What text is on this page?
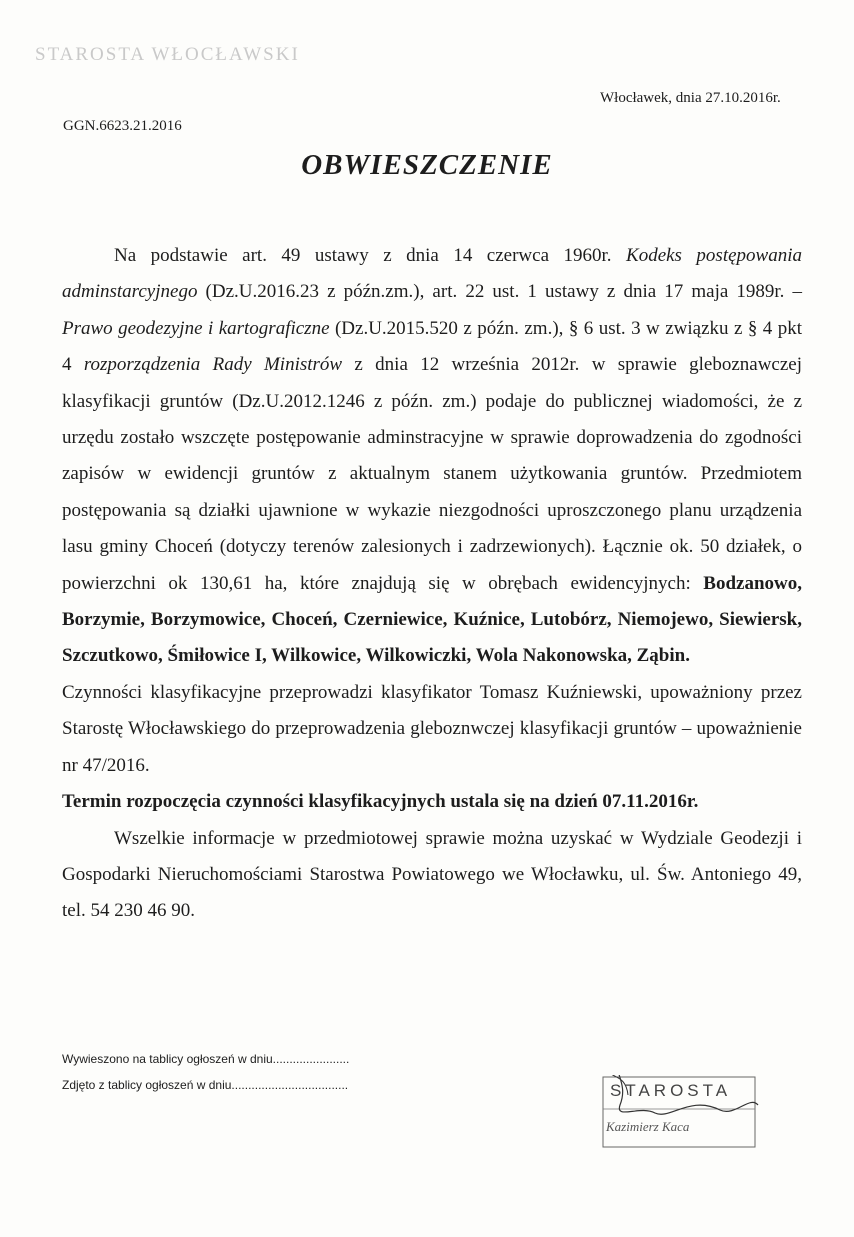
STAROSTA WŁOCŁAWSKI
Włocławek, dnia 27.10.2016r.
GGN.6623.21.2016
OBWIESZCZENIE

Na podstawie art. 49 ustawy z dnia 14 czerwca 1960r. Kodeks postępowania adminstarcyjnego (Dz.U.2016.23 z późn.zm.), art. 22 ust. 1 ustawy z dnia 17 maja 1989r. – Prawo geodezyjne i kartograficzne (Dz.U.2015.520 z późn. zm.), § 6 ust. 3 w związku z § 4 pkt 4 rozporządzenia Rady Ministrów z dnia 12 września 2012r. w sprawie gleboznawczej klasyfikacji gruntów (Dz.U.2012.1246 z późn. zm.) podaje do publicznej wiadomości, że z urzędu zostało wszczęte postępowanie adminstracyjne w sprawie doprowadzenia do zgodności zapisów w ewidencji gruntów z aktualnym stanem użytkowania gruntów. Przedmiotem postępowania są działki ujawnione w wykazie niezgodności uproszczonego planu urządzenia lasu gminy Choceń (dotyczy terenów zalesionych i zadrzewionych). Łącznie ok. 50 działek, o powierzchni ok 130,61 ha, które znajdują się w obrębach ewidencyjnych: Bodzanowo, Borzymie, Borzymowice, Choceń, Czerniewice, Kuźnice, Lutobórz, Niemojewo, Siewiersk, Szczutkowo, Śmiłowice I, Wilkowice, Wilkowiczki, Wola Nakonowska, Ząbin.

Czynności klasyfikacyjne przeprowadzi klasyfikator Tomasz Kuźniewski, upoważniony przez Starostę Włocławskiego do przeprowadzenia gleboznwczej klasyfikacji gruntów – upoważnienie nr 47/2016.

Termin rozpoczęcia czynności klasyfikacyjnych ustala się na dzień 07.11.2016r.

Wszelkie informacje w przedmiotowej sprawie można uzyskać w Wydziale Geodezji i Gospodarki Nieruchomościami Starostwa Powiatowego we Włocławku, ul. Św. Antoniego 49, tel. 54 230 46 90.

Wywieszono na tablicy ogłoszeń w dniu.......................
Zdjęto z tablicy ogłoszeń w dniu...................................	STAROSTA
Kazimierz Kaca
